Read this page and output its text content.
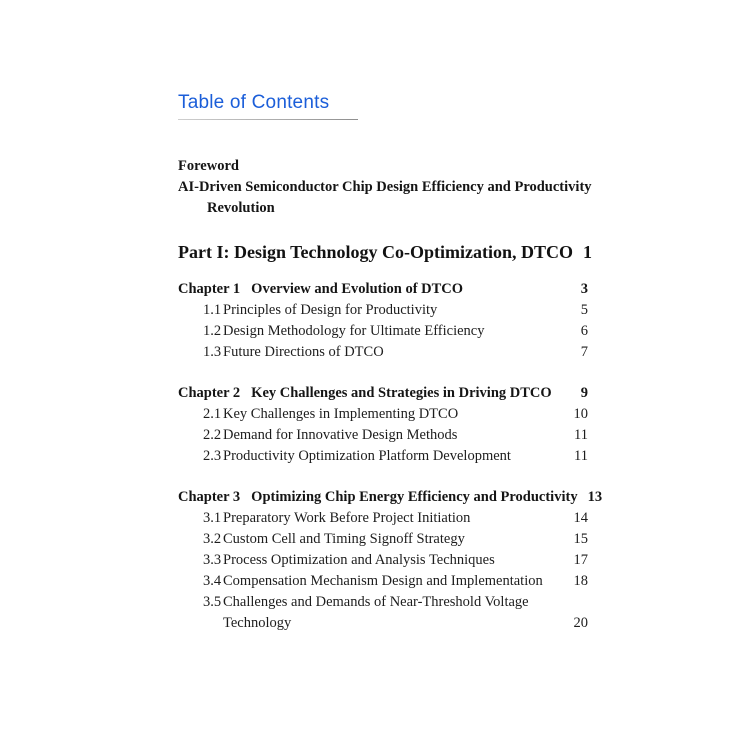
Table of Contents
Foreword
AI-Driven Semiconductor Chip Design Efficiency and Productivity
Revolution
Part I: Design Technology Co-Optimization, DTCO 1
Chapter 1 Overview and Evolution of DTCO	3
1.1 Principles of Design for Productivity	5
1.2 Design Methodology for Ultimate Efficiency	6
1.3 Future Directions of DTCO	7
Chapter 2 Key Challenges and Strategies in Driving DTCO	9
2.1 Key Challenges in Implementing DTCO	10
2.2 Demand for Innovative Design Methods	11
2.3 Productivity Optimization Platform Development	11
Chapter 3 Optimizing Chip Energy Efficiency and Productivity 13
3.1 Preparatory Work Before Project Initiation	14
3.2 Custom Cell and Timing Signoff Strategy	15
3.3 Process Optimization and Analysis Techniques	17
3.4 Compensation Mechanism Design and Implementation	18
3.5 Challenges and Demands of Near-Threshold Voltage
Technology	20
